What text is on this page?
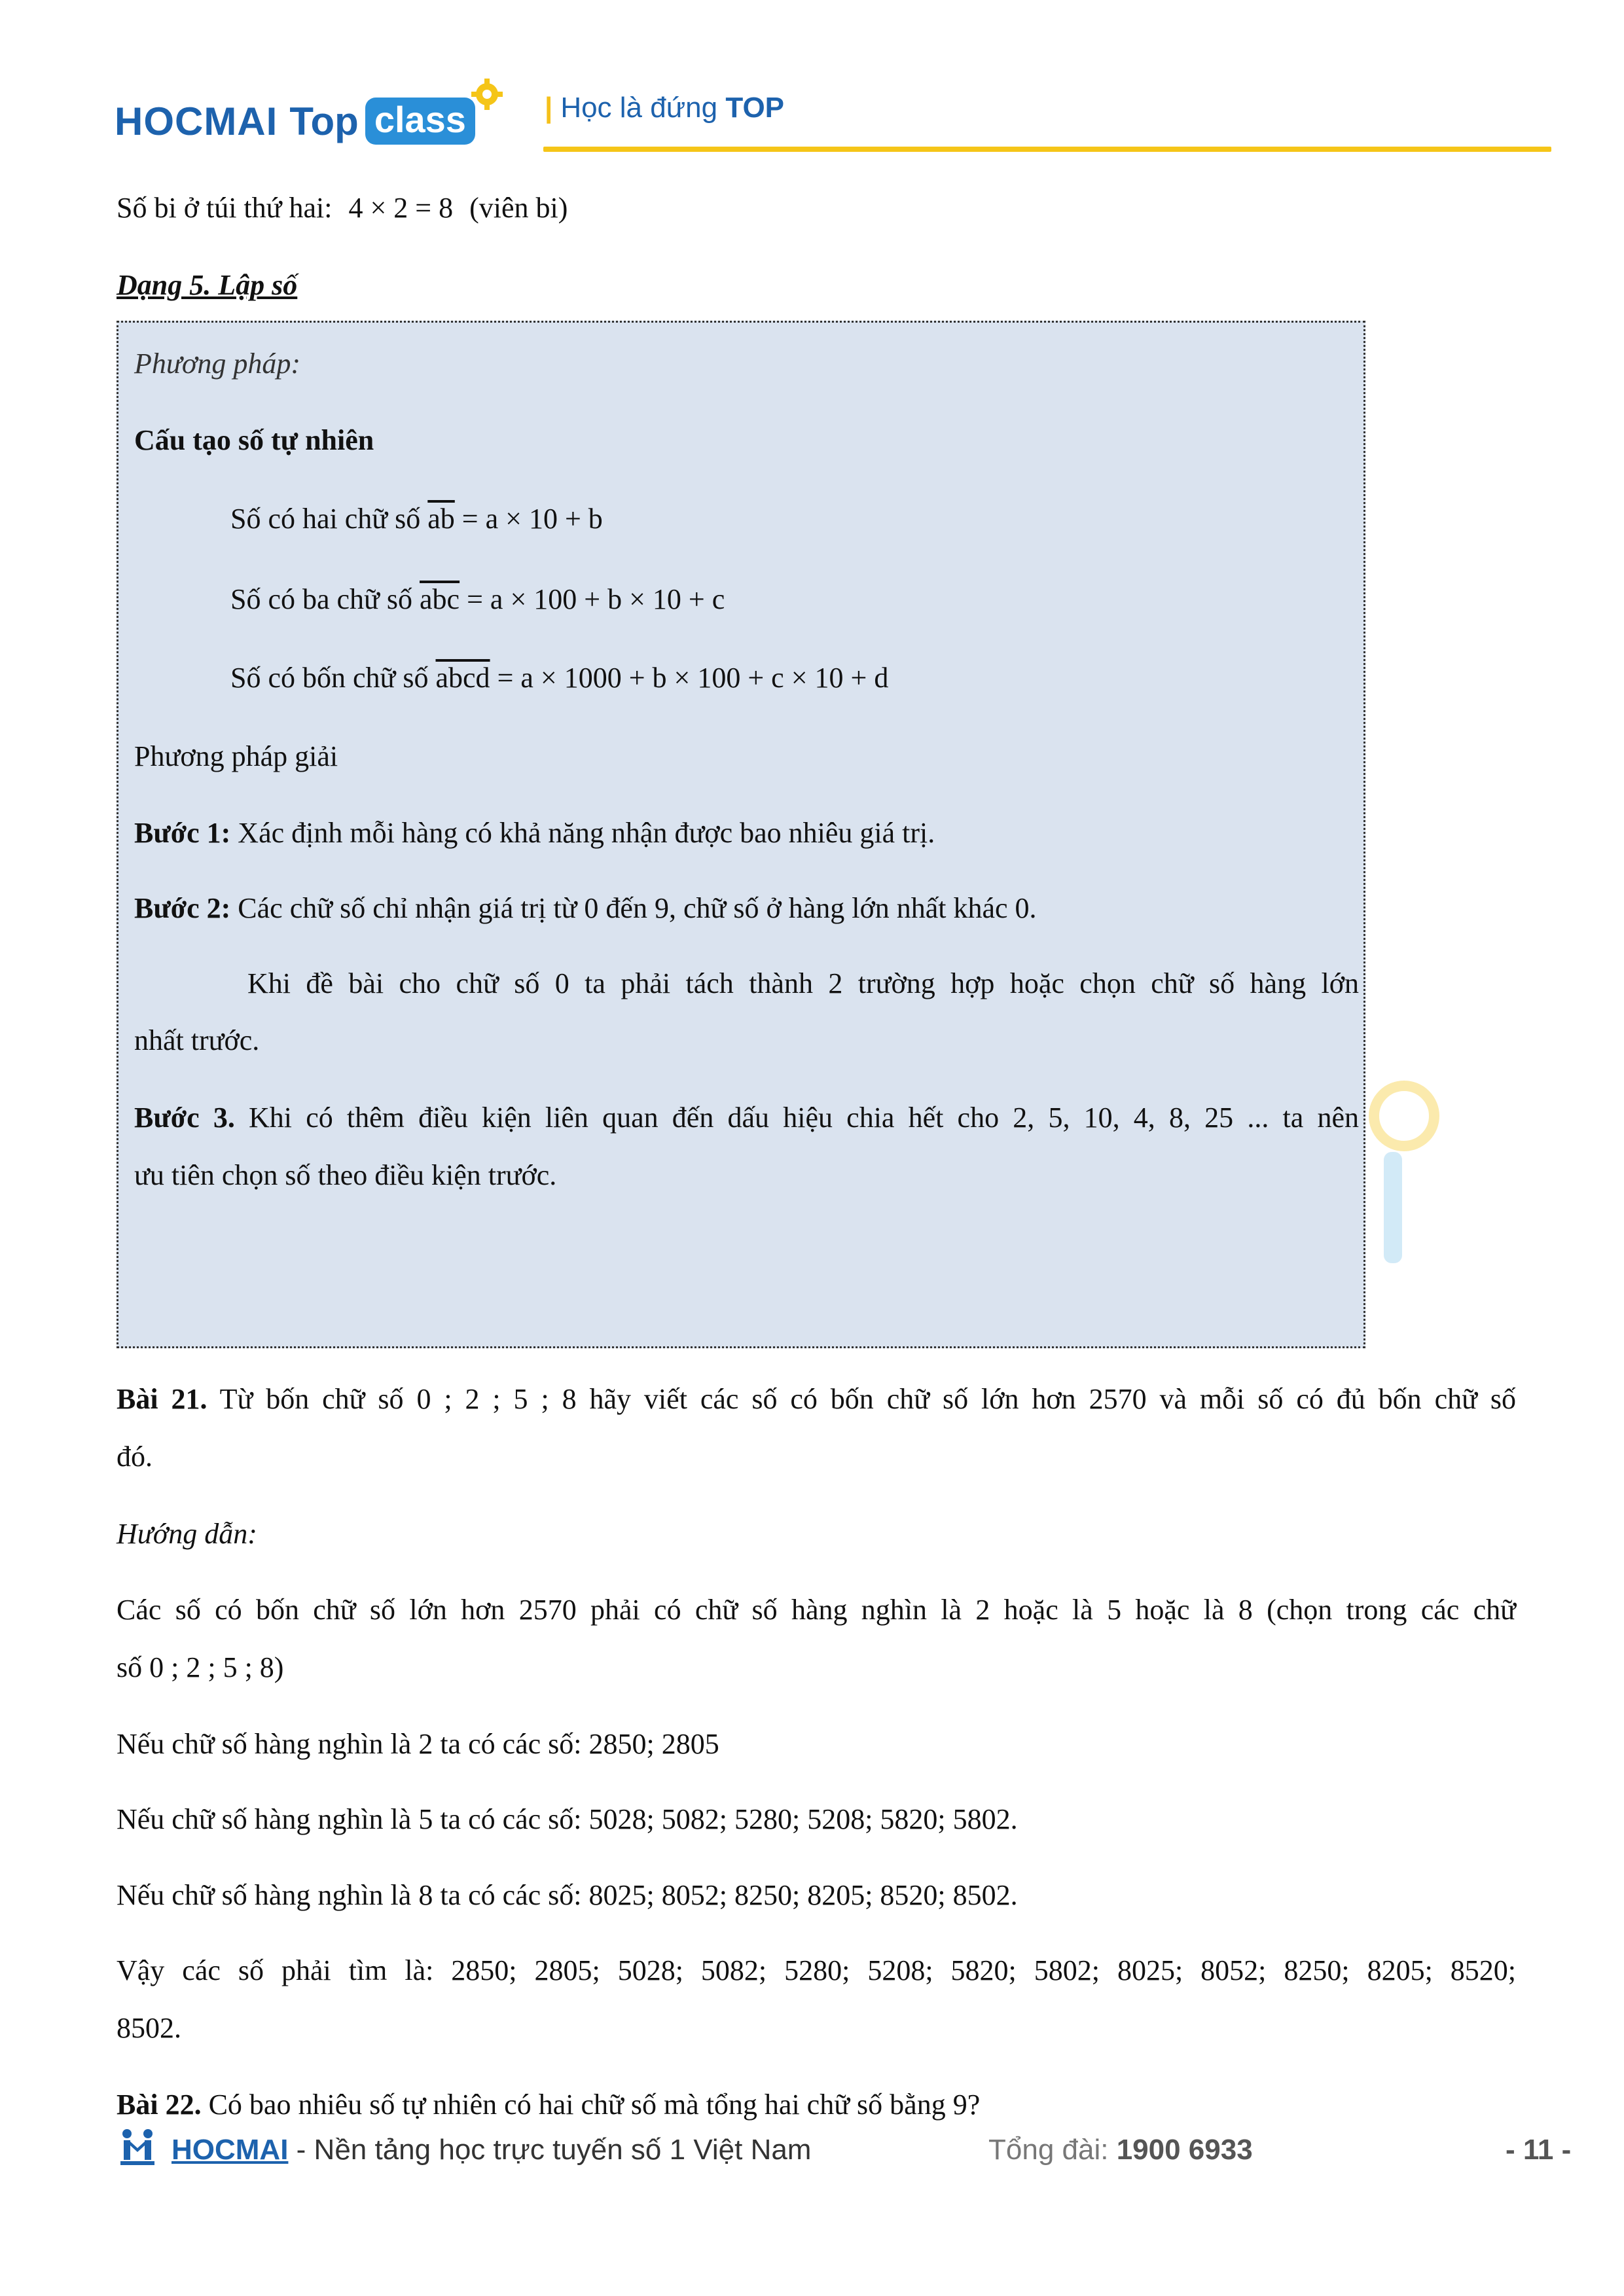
HOCMAI Top class	| Học là đứng TOP
Số bi ở túi thứ hai: 4 × 2 = 8 (viên bi)
Dạng 5. Lập số
Phương pháp:
Cấu tạo số tự nhiên
Số có hai chữ số $\overline{ab} = a \times 10 + b$
Số có ba chữ số $\overline{abc} = a \times 100 + b \times 10 + c$
Số có bốn chữ số abcd = a × 1000 + b × 100 + c × 10 + d
Phương pháp giải
Bước 1: Xác định mỗi hàng có khả năng nhận được bao nhiêu giá trị.
Bước 2: Các chữ số chỉ nhận giá trị từ 0 đến 9, chữ số ở hàng lớn nhất khác 0.
Khi đề bài cho chữ số 0 ta phải tách thành 2 trường hợp hoặc chọn chữ số hàng lớn
nhất trước.
Bước 3. Khi có thêm điều kiện liên quan đến dấu hiệu chia hết cho 2, 5, 10, 4, 8, 25 ... ta nên
ưu tiên chọn số theo điều kiện trước.
Bài 21. Từ bốn chữ số 0 ; 2 ; 5 ; 8 hãy viết các số có bốn chữ số lớn hơn 2570 và mỗi số có đủ bốn chữ số
đó.
Hướng dẫn:
Các số có bốn chữ số lớn hơn 2570 phải có chữ số hàng nghìn là 2 hoặc là 5 hoặc là 8 (chọn trong các chữ
số 0 ; 2 ; 5 ; 8)
Nếu chữ số hàng nghìn là 2 ta có các số: 2850; 2805
Nếu chữ số hàng nghìn là 5 ta có các số: 5028; 5082; 5280; 5208; 5820; 5802.
Nếu chữ số hàng nghìn là 8 ta có các số: 8025; 8052; 8250; 8205; 8520; 8502.
Vậy các số phải tìm là: 2850; 2805; 5028; 5082; 5280; 5208; 5820; 5802; 8025; 8052; 8250; 8205; 8520;
8502.
Bài 22. Có bao nhiêu số tự nhiên có hai chữ số mà tổng hai chữ số bằng 9?
HOCMAI - Nền tảng học trực tuyến số 1 Việt Nam	Tổng đài: 1900 6933	- 11 -
